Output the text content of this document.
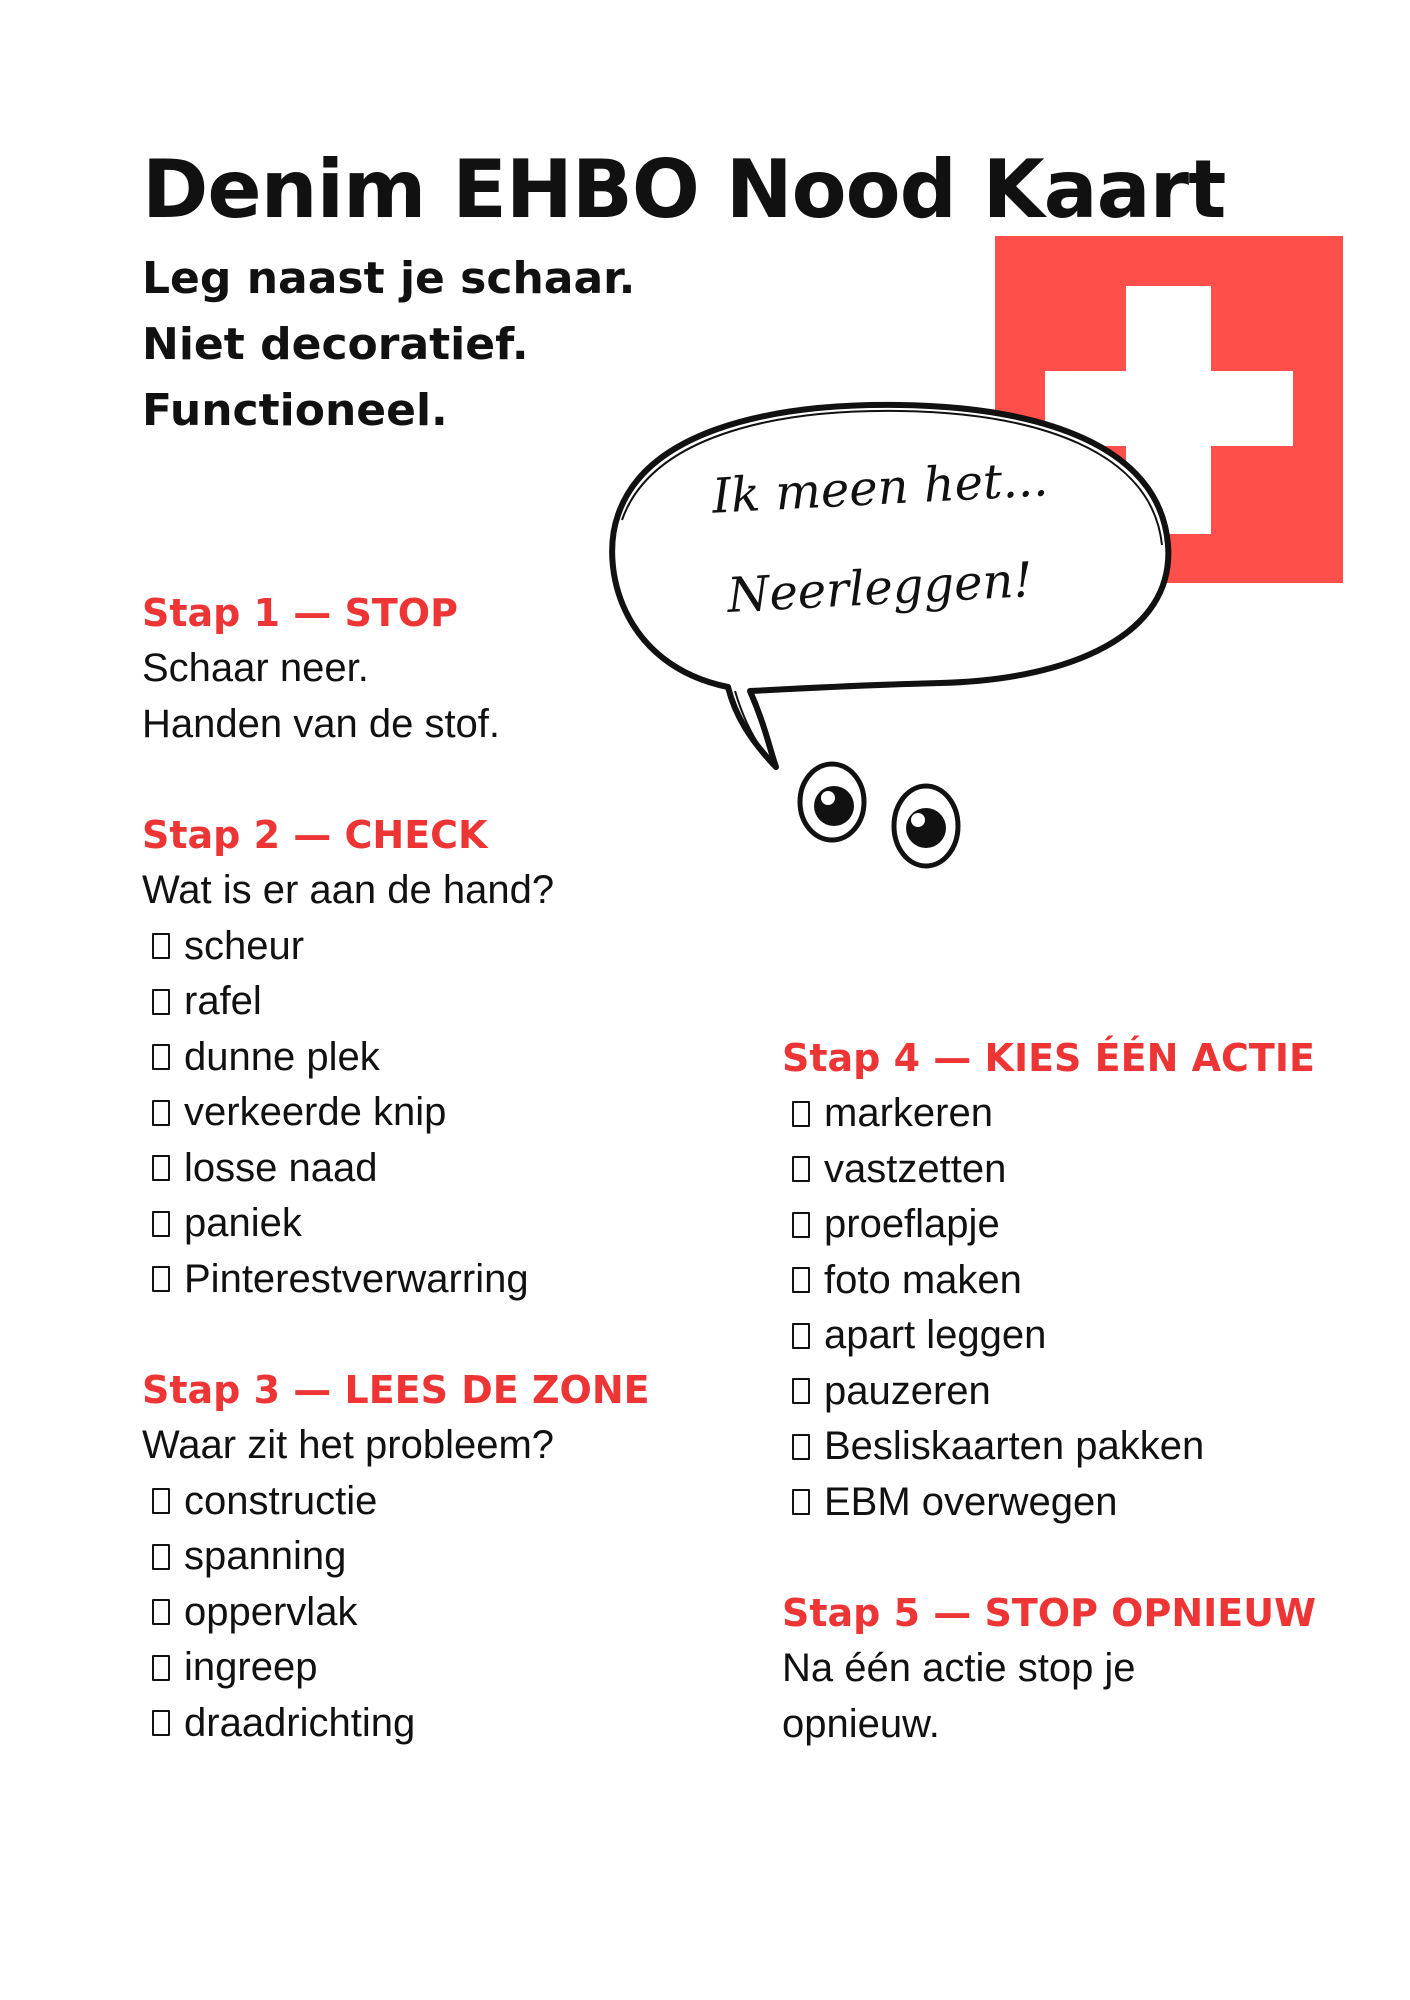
Denim EHBO Nood Kaart
Leg naast je schaar.
Niet decoratief.
Functioneel.
Ik meen het...
Neerleggen!
Stap 1 — STOP

Schaar neer.

Handen van de stof.

Stap 2 — CHECK

Wat is er aan de hand?

scheur
rafel
dunne plek
verkeerde knip
losse naad
paniek
Pinterestverwarring
Stap 3 — LEES DE ZONE

Waar zit het probleem?

constructie
spanning
oppervlak
ingreep
draadrichting
Stap 4 — KIES ÉÉN ACTIE
markeren
vastzetten
proeflapje
foto maken
apart leggen
pauzeren
Besliskaarten pakken
EBM overwegen
Stap 5 — STOP OPNIEUW

Na één actie stop je

opnieuw.
